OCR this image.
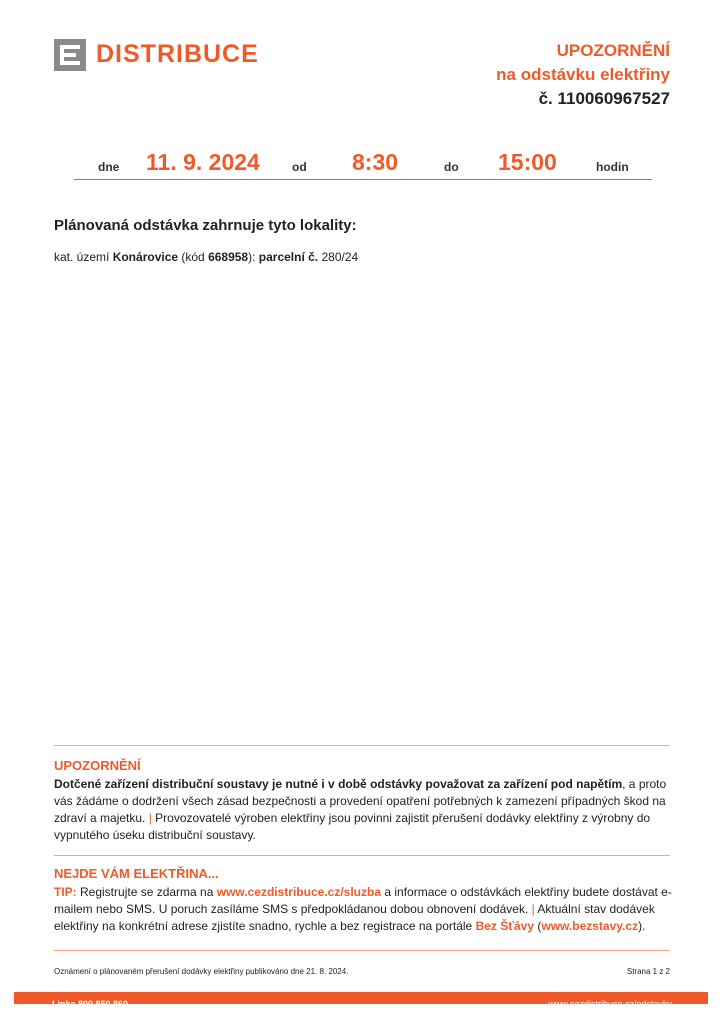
DISTRIBUCE	UPOZORNĚNÍ
na odstávku elektřiny
č. 110060967527
dne 11. 9. 2024	od 8:30	do 15:00	hodin
Plánovaná odstávka zahrnuje tyto lokality:
kat. území Konárovice (kód 668958): parcelní č. 280/24
UPOZORNĚNÍ
Dotčené zařízení distribuční soustavy je nutné i v době odstávky považovat za zařízení pod napětím, a proto vás žádáme o dodržení všech zásad bezpečnosti a provedení opatření potřebných k zamezení případných škod na zdraví a majetku. | Provozovatelé výroben elektřiny jsou povinni zajistit přerušení dodávky elektřiny z výrobny do vypnutého úseku distribuční soustavy.
NEJDE VÁM ELEKTŘINA...
TIP: Registrujte se zdarma na www.cezdistribuce.cz/sluzba a informace o odstávkách elektřiny budete dostávat e-mailem nebo SMS. U poruch zasíláme SMS s předpokládanou dobou obnovení dodávek. | Aktuální stav dodávek elektřiny na konkrétní adrese zjistíte snadno, rychle a bez registrace na portále Bez Šťávy (www.bezstavy.cz).
Oznámení o plánovaném přerušení dodávky elektřiny publikováno dne 21. 8. 2024.	Strana 1 z 2
Linka 800 850 860	www.cezdistribuce.cz/odstavky
